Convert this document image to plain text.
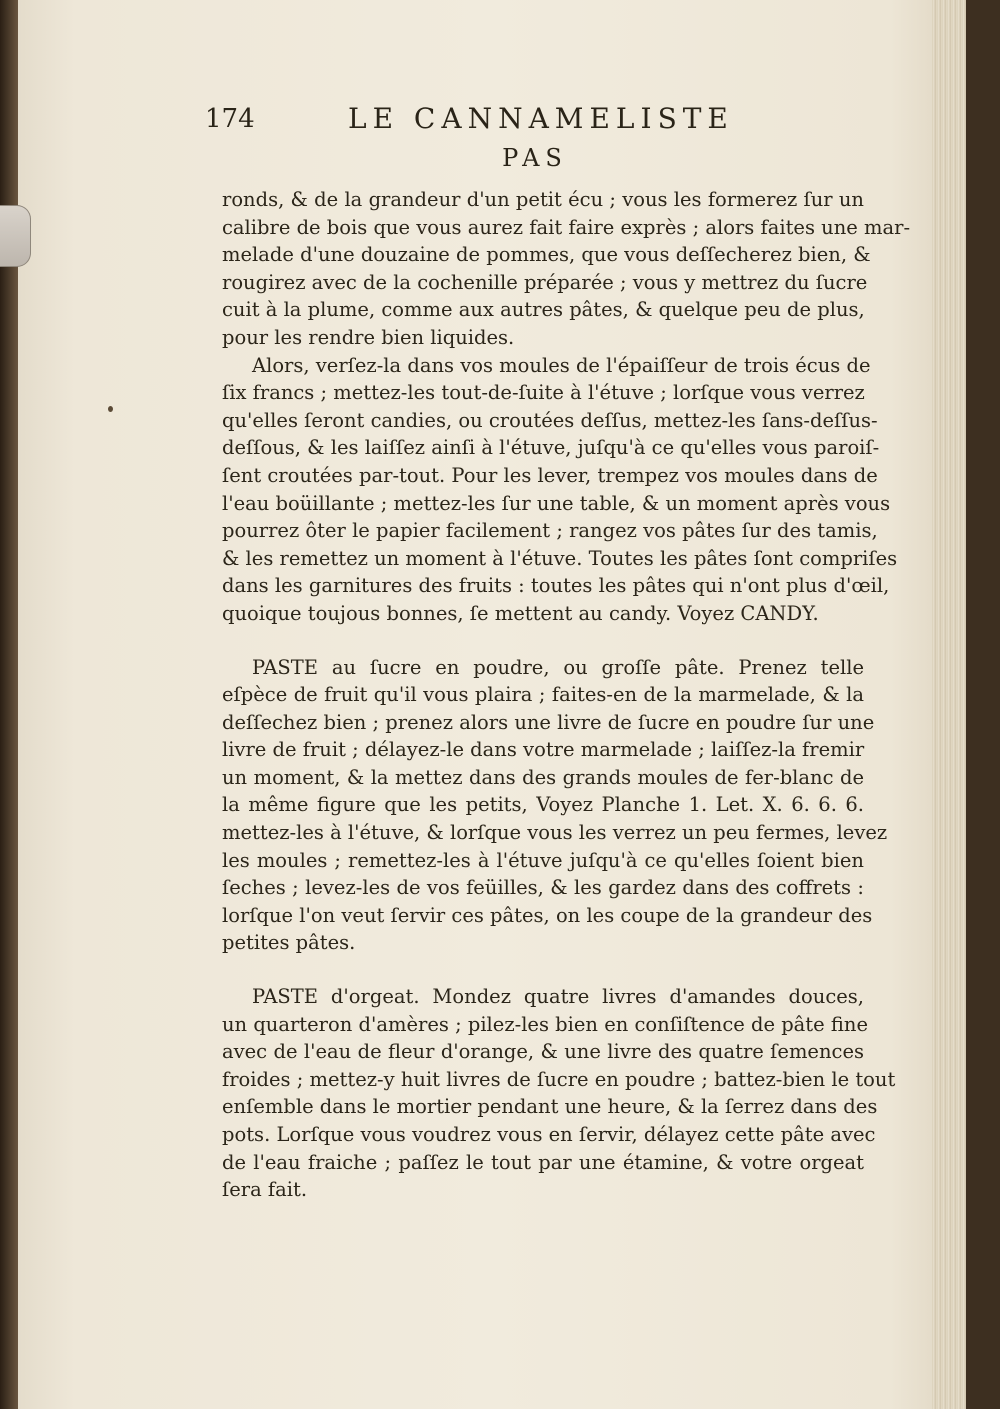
174	LE CANNAMELISTE
PAS

ronds, & de la grandeur d'un petit écu ; vous les formerez ſur un
calibre de bois que vous aurez fait faire exprès ; alors faites une mar-
melade d'une douzaine de pommes, que vous deſſecherez bien, &
rougirez avec de la cochenille préparée ; vous y mettrez du ſucre
cuit à la plume, comme aux autres pâtes, & quelque peu de plus,
pour les rendre bien liquides.

Alors, verſez-la dans vos moules de l'épaiſſeur de trois écus de
ſix francs ; mettez-les tout-de-ſuite à l'étuve ; lorſque vous verrez
qu'elles ſeront candies, ou croutées deſſus, mettez-les ſans-deſſus-
deſſous, & les laiſſez ainſi à l'étuve, juſqu'à ce qu'elles vous paroiſ-
ſent croutées par-tout. Pour les lever, trempez vos moules dans de
l'eau boüillante ; mettez-les ſur une table, & un moment après vous
pourrez ôter le papier facilement ; rangez vos pâtes ſur des tamis,
& les remettez un moment à l'étuve. Toutes les pâtes ſont compriſes
dans les garnitures des fruits : toutes les pâtes qui n'ont plus d'œil,
quoique toujous bonnes, ſe mettent au candy. Voyez CANDY.

PASTE au ſucre en poudre, ou groſſe pâte. Prenez telle
eſpèce de fruit qu'il vous plaira ; faites-en de la marmelade, & la
deſſechez bien ; prenez alors une livre de ſucre en poudre ſur une
livre de fruit ; délayez-le dans votre marmelade ; laiſſez-la fremir
un moment, & la mettez dans des grands moules de fer-blanc de
la même figure que les petits, Voyez Planche 1. Let. X. 6. 6. 6.
mettez-les à l'étuve, & lorſque vous les verrez un peu fermes, levez
les moules ; remettez-les à l'étuve juſqu'à ce qu'elles ſoient bien
ſeches ; levez-les de vos feüilles, & les gardez dans des coffrets :
lorſque l'on veut ſervir ces pâtes, on les coupe de la grandeur des
petites pâtes.

PASTE d'orgeat. Mondez quatre livres d'amandes douces,
un quarteron d'amères ; pilez-les bien en conſiſtence de pâte fine
avec de l'eau de fleur d'orange, & une livre des quatre ſemences
froides ; mettez-y huit livres de ſucre en poudre ; battez-bien le tout
enſemble dans le mortier pendant une heure, & la ſerrez dans des
pots. Lorſque vous voudrez vous en ſervir, délayez cette pâte avec
de l'eau fraiche ; paſſez le tout par une étamine, & votre orgeat
ſera fait.
